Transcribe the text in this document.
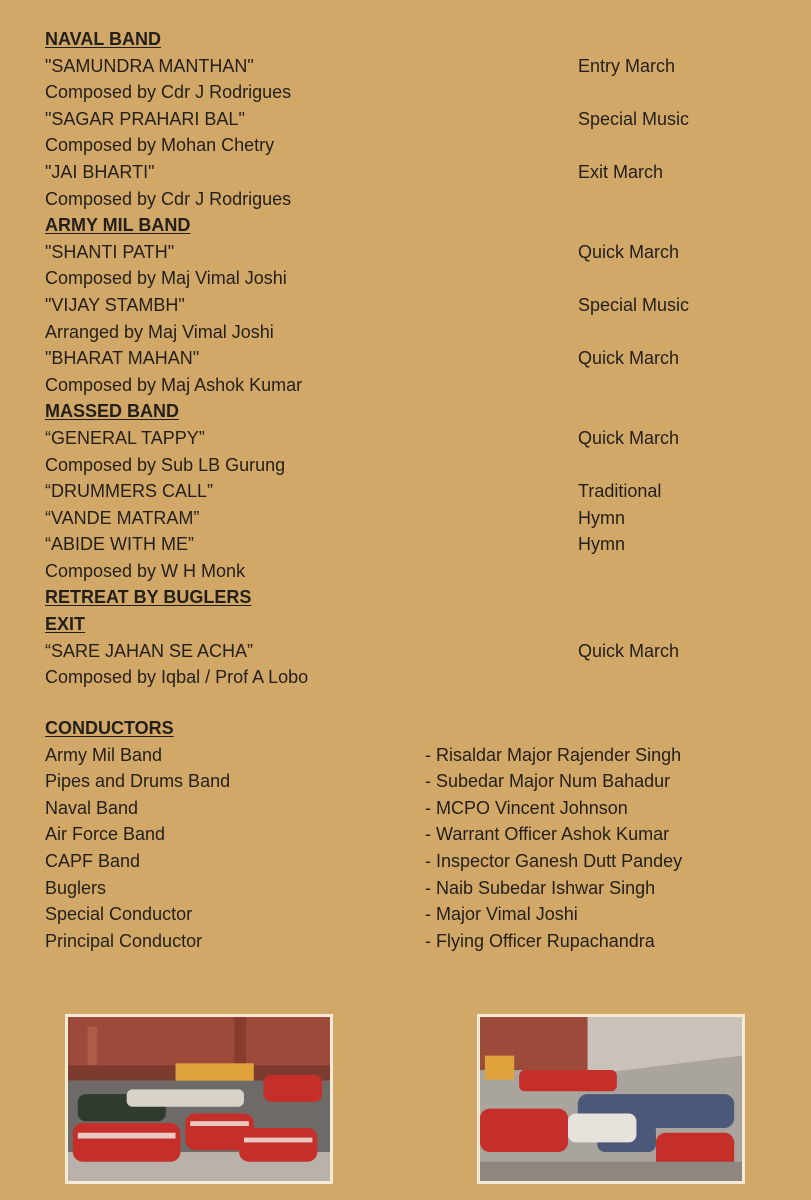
NAVAL BAND
"SAMUNDRA MANTHAN"	Entry March
Composed by Cdr J Rodrigues
"SAGAR PRAHARI BAL"	Special Music
Composed by Mohan Chetry
"JAI BHARTI"	Exit March
Composed by Cdr J Rodrigues
ARMY MIL BAND
"SHANTI PATH"	Quick March
Composed by Maj Vimal Joshi
"VIJAY STAMBH"	Special Music
Arranged by Maj Vimal Joshi
"BHARAT MAHAN"	Quick March
Composed by Maj Ashok Kumar
MASSED BAND
“GENERAL TAPPY”	Quick March
Composed by Sub LB Gurung
“DRUMMERS CALL”	Traditional
“VANDE MATRAM”	Hymn
“ABIDE WITH ME”	Hymn
Composed by W H Monk
RETREAT BY BUGLERS
EXIT
“SARE JAHAN SE ACHA”	Quick March
Composed by Iqbal / Prof A Lobo
CONDUCTORS
Army Mil Band	- Risaldar Major Rajender Singh
Pipes and Drums Band	- Subedar Major Num Bahadur
Naval Band	- MCPO Vincent Johnson
Air Force Band	- Warrant Officer Ashok Kumar
CAPF Band	- Inspector Ganesh Dutt Pandey
Buglers	- Naib Subedar Ishwar Singh
Special Conductor	- Major Vimal Joshi
Principal Conductor	- Flying Officer Rupachandra
